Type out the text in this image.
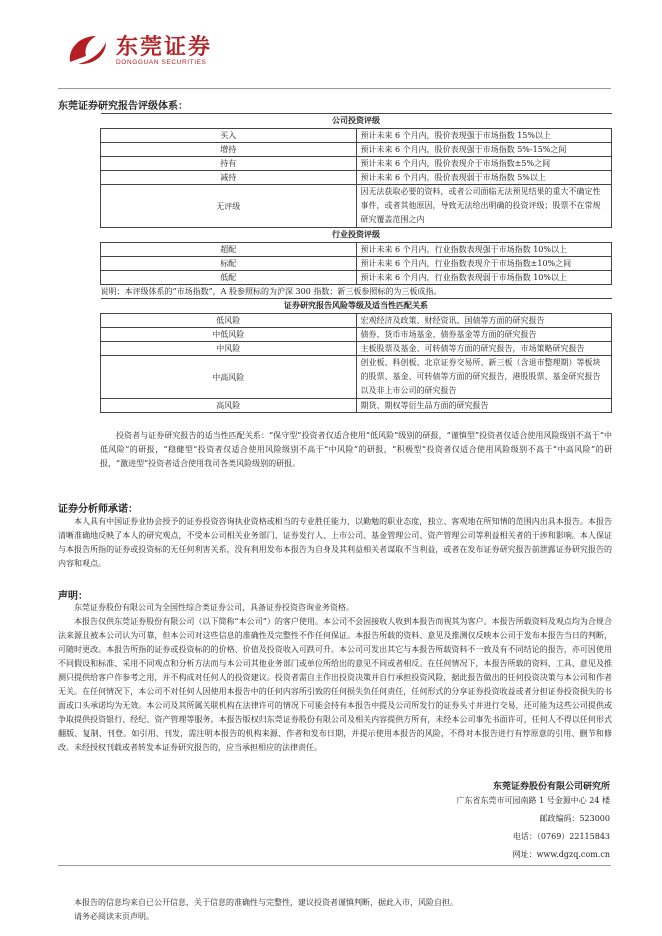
东莞证券
DONGGUAN SECURITIES
东莞证券研究报告评级体系：
公司投资评级	
买入	预计未来 6 个月内，股价表现强于市场指数 15%以上
增持	预计未来 6 个月内，股价表现强于市场指数 5%-15%之间
持有	预计未来 6 个月内，股价表现介于市场指数±5%之间
减持	预计未来 6 个月内，股价表现弱于市场指数 5%以上
无评级	因无法获取必要的资料，或者公司面临无法预见结果的重大不确定性事件，或者其他原因，导致无法给出明确的投资评级；股票不在常规研究覆盖范围之内
行业投资评级	
超配	预计未来 6 个月内，行业指数表现强于市场指数 10%以上
标配	预计未来 6 个月内，行业指数表现介于市场指数±10%之间
低配	预计未来 6 个月内，行业指数表现弱于市场指数 10%以上
说明：本评级体系的“市场指数”，A 股参照标的为沪深 300 指数；新三板参照标的为三板成指。	
证券研究报告风险等级及适当性匹配关系	
低风险	宏观经济及政策、财经资讯、国债等方面的研究报告
中低风险	债券、货币市场基金、债券基金等方面的研究报告
中风险	主板股票及基金、可转债等方面的研究报告，市场策略研究报告
中高风险	创业板、科创板、北京证券交易所、新三板（含退市整理期）等板块的股票、基金、可转债等方面的研究报告，港股股票、基金研究报告以及非上市公司的研究报告
高风险	期货、期权等衍生品方面的研究报告
投资者与证券研究报告的适当性匹配关系：“保守型”投资者仅适合使用“低风险”级别的研报，“谨慎型”投资者仅适合使用风险级别不高于“中低风险”的研报，“稳健型”投资者仅适合使用风险级别不高于“中风险”的研报，“积极型”投资者仅适合使用风险级别不高于“中高风险”的研报，“激进型”投资者适合使用我司各类风险级别的研报。
证券分析师承诺：
本人具有中国证券业协会授予的证券投资咨询执业资格或相当的专业胜任能力，以勤勉的职业态度，独立、客观地在所知情的范围内出具本报告。本报告清晰准确地反映了本人的研究观点，不受本公司相关业务部门、证券发行人、上市公司、基金管理公司、资产管理公司等利益相关者的干涉和影响。本人保证与本报告所指的证券或投资标的无任何利害关系，没有利用发布本报告为自身及其利益相关者谋取不当利益，或者在发布证券研究报告前泄露证券研究报告的内容和观点。
声明：
东莞证券股份有限公司为全国性综合类证券公司，具备证券投资咨询业务资格。
本报告仅供东莞证券股份有限公司（以下简称“本公司”）的客户使用。本公司不会因接收人收到本报告而视其为客户。本报告所载资料及观点均为合规合法来源且被本公司认为可靠，但本公司对这些信息的准确性及完整性不作任何保证。本报告所载的资料、意见及推测仅反映本公司于发布本报告当日的判断，可随时更改。本报告所指的证券或投资标的的价格、价值及投资收入可跌可升。本公司可发出其它与本报告所载资料不一致及有不同结论的报告，亦可因使用不同假设和标准、采用不同观点和分析方法而与本公司其他业务部门或单位所给出的意见不同或者相反。在任何情况下，本报告所载的资料、工具、意见及推测只提供给客户作参考之用，并不构成对任何人的投资建议。投资者需自主作出投资决策并自行承担投资风险，据此报告做出的任何投资决策与本公司和作者无关。在任何情况下，本公司不对任何人因使用本报告中的任何内容所引致的任何损失负任何责任，任何形式的分享证券投资收益或者分担证券投资损失的书面或口头承诺均为无效。本公司及其所属关联机构在法律许可的情况下可能会持有本报告中提及公司所发行的证券头寸并进行交易，还可能为这些公司提供或争取提供投资银行、经纪、资产管理等服务。本报告版权归东莞证券股份有限公司及相关内容提供方所有，未经本公司事先书面许可，任何人不得以任何形式翻版、复制、刊登。如引用、刊发，需注明本报告的机构来源、作者和发布日期，并提示使用本报告的风险，不得对本报告进行有悖原意的引用、删节和修改。未经授权刊载或者转发本证券研究报告的，应当承担相应的法律责任。
东莞证券股份有限公司研究所
广东省东莞市可园南路 1 号金源中心 24 楼
邮政编码：523000
电话：（0769）22115843
网址：www.dgzq.com.cn
本报告的信息均来自已公开信息，关于信息的准确性与完整性，建议投资者谨慎判断，据此入市，风险自担。
请务必阅读末页声明。
